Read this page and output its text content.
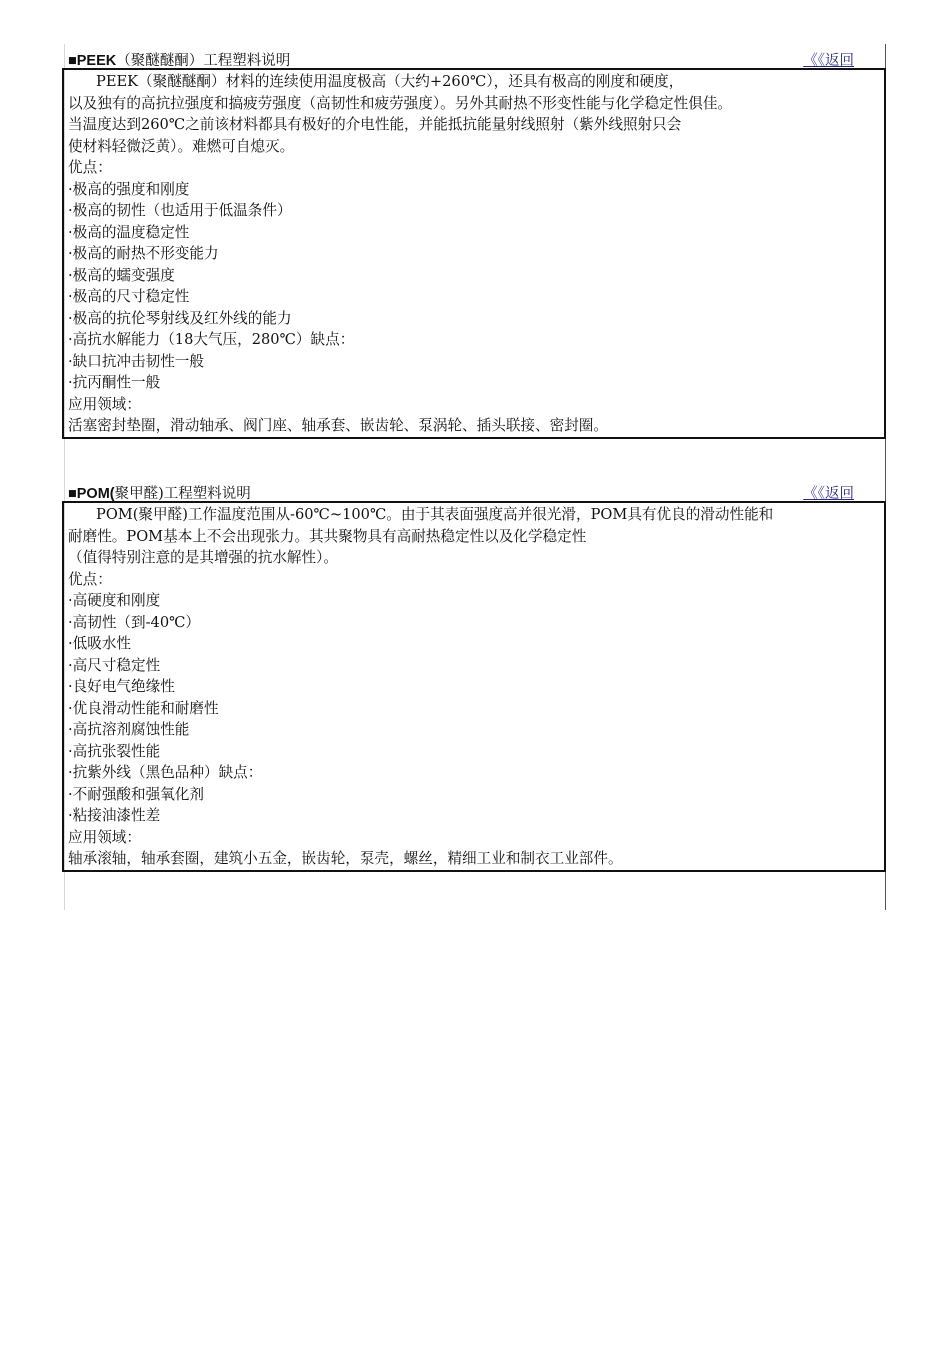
■PEEK（聚醚醚酮）工程塑料说明	《《返回
PEEK（聚醚醚酮）材料的连续使用温度极高（大约+260℃），还具有极高的刚度和硬度，
以及独有的高抗拉强度和搞疲劳强度（高韧性和疲劳强度）。另外其耐热不形变性能与化学稳定性俱佳。
当温度达到260℃之前该材料都具有极好的介电性能，并能抵抗能量射线照射（紫外线照射只会
使材料轻微泛黄）。难燃可自熄灭。
优点：
·极高的强度和刚度
·极高的韧性（也适用于低温条件）
·极高的温度稳定性
·极高的耐热不形变能力
·极高的蠕变强度
·极高的尺寸稳定性
·极高的抗伦琴射线及红外线的能力
·高抗水解能力（18大气压，280℃）缺点：
·缺口抗冲击韧性一般
·抗丙酮性一般
应用领域：
活塞密封垫圈，滑动轴承、阀门座、轴承套、嵌齿轮、泵涡轮、插头联接、密封圈。
■POM(聚甲醛)工程塑料说明	《《返回
POM(聚甲醛)工作温度范围从-60℃~100℃。由于其表面强度高并很光滑，POM具有优良的滑动性能和
耐磨性。POM基本上不会出现张力。其共聚物具有高耐热稳定性以及化学稳定性
（值得特别注意的是其增强的抗水解性）。
优点：
·高硬度和刚度
·高韧性（到-40℃）
·低吸水性
·高尺寸稳定性
·良好电气绝缘性
·优良滑动性能和耐磨性
·高抗溶剂腐蚀性能
·高抗张裂性能
·抗紫外线（黑色品种）缺点：
·不耐强酸和强氧化剂
·粘接油漆性差
应用领域：
轴承滚轴，轴承套圈，建筑小五金，嵌齿轮，泵壳，螺丝，精细工业和制衣工业部件。
